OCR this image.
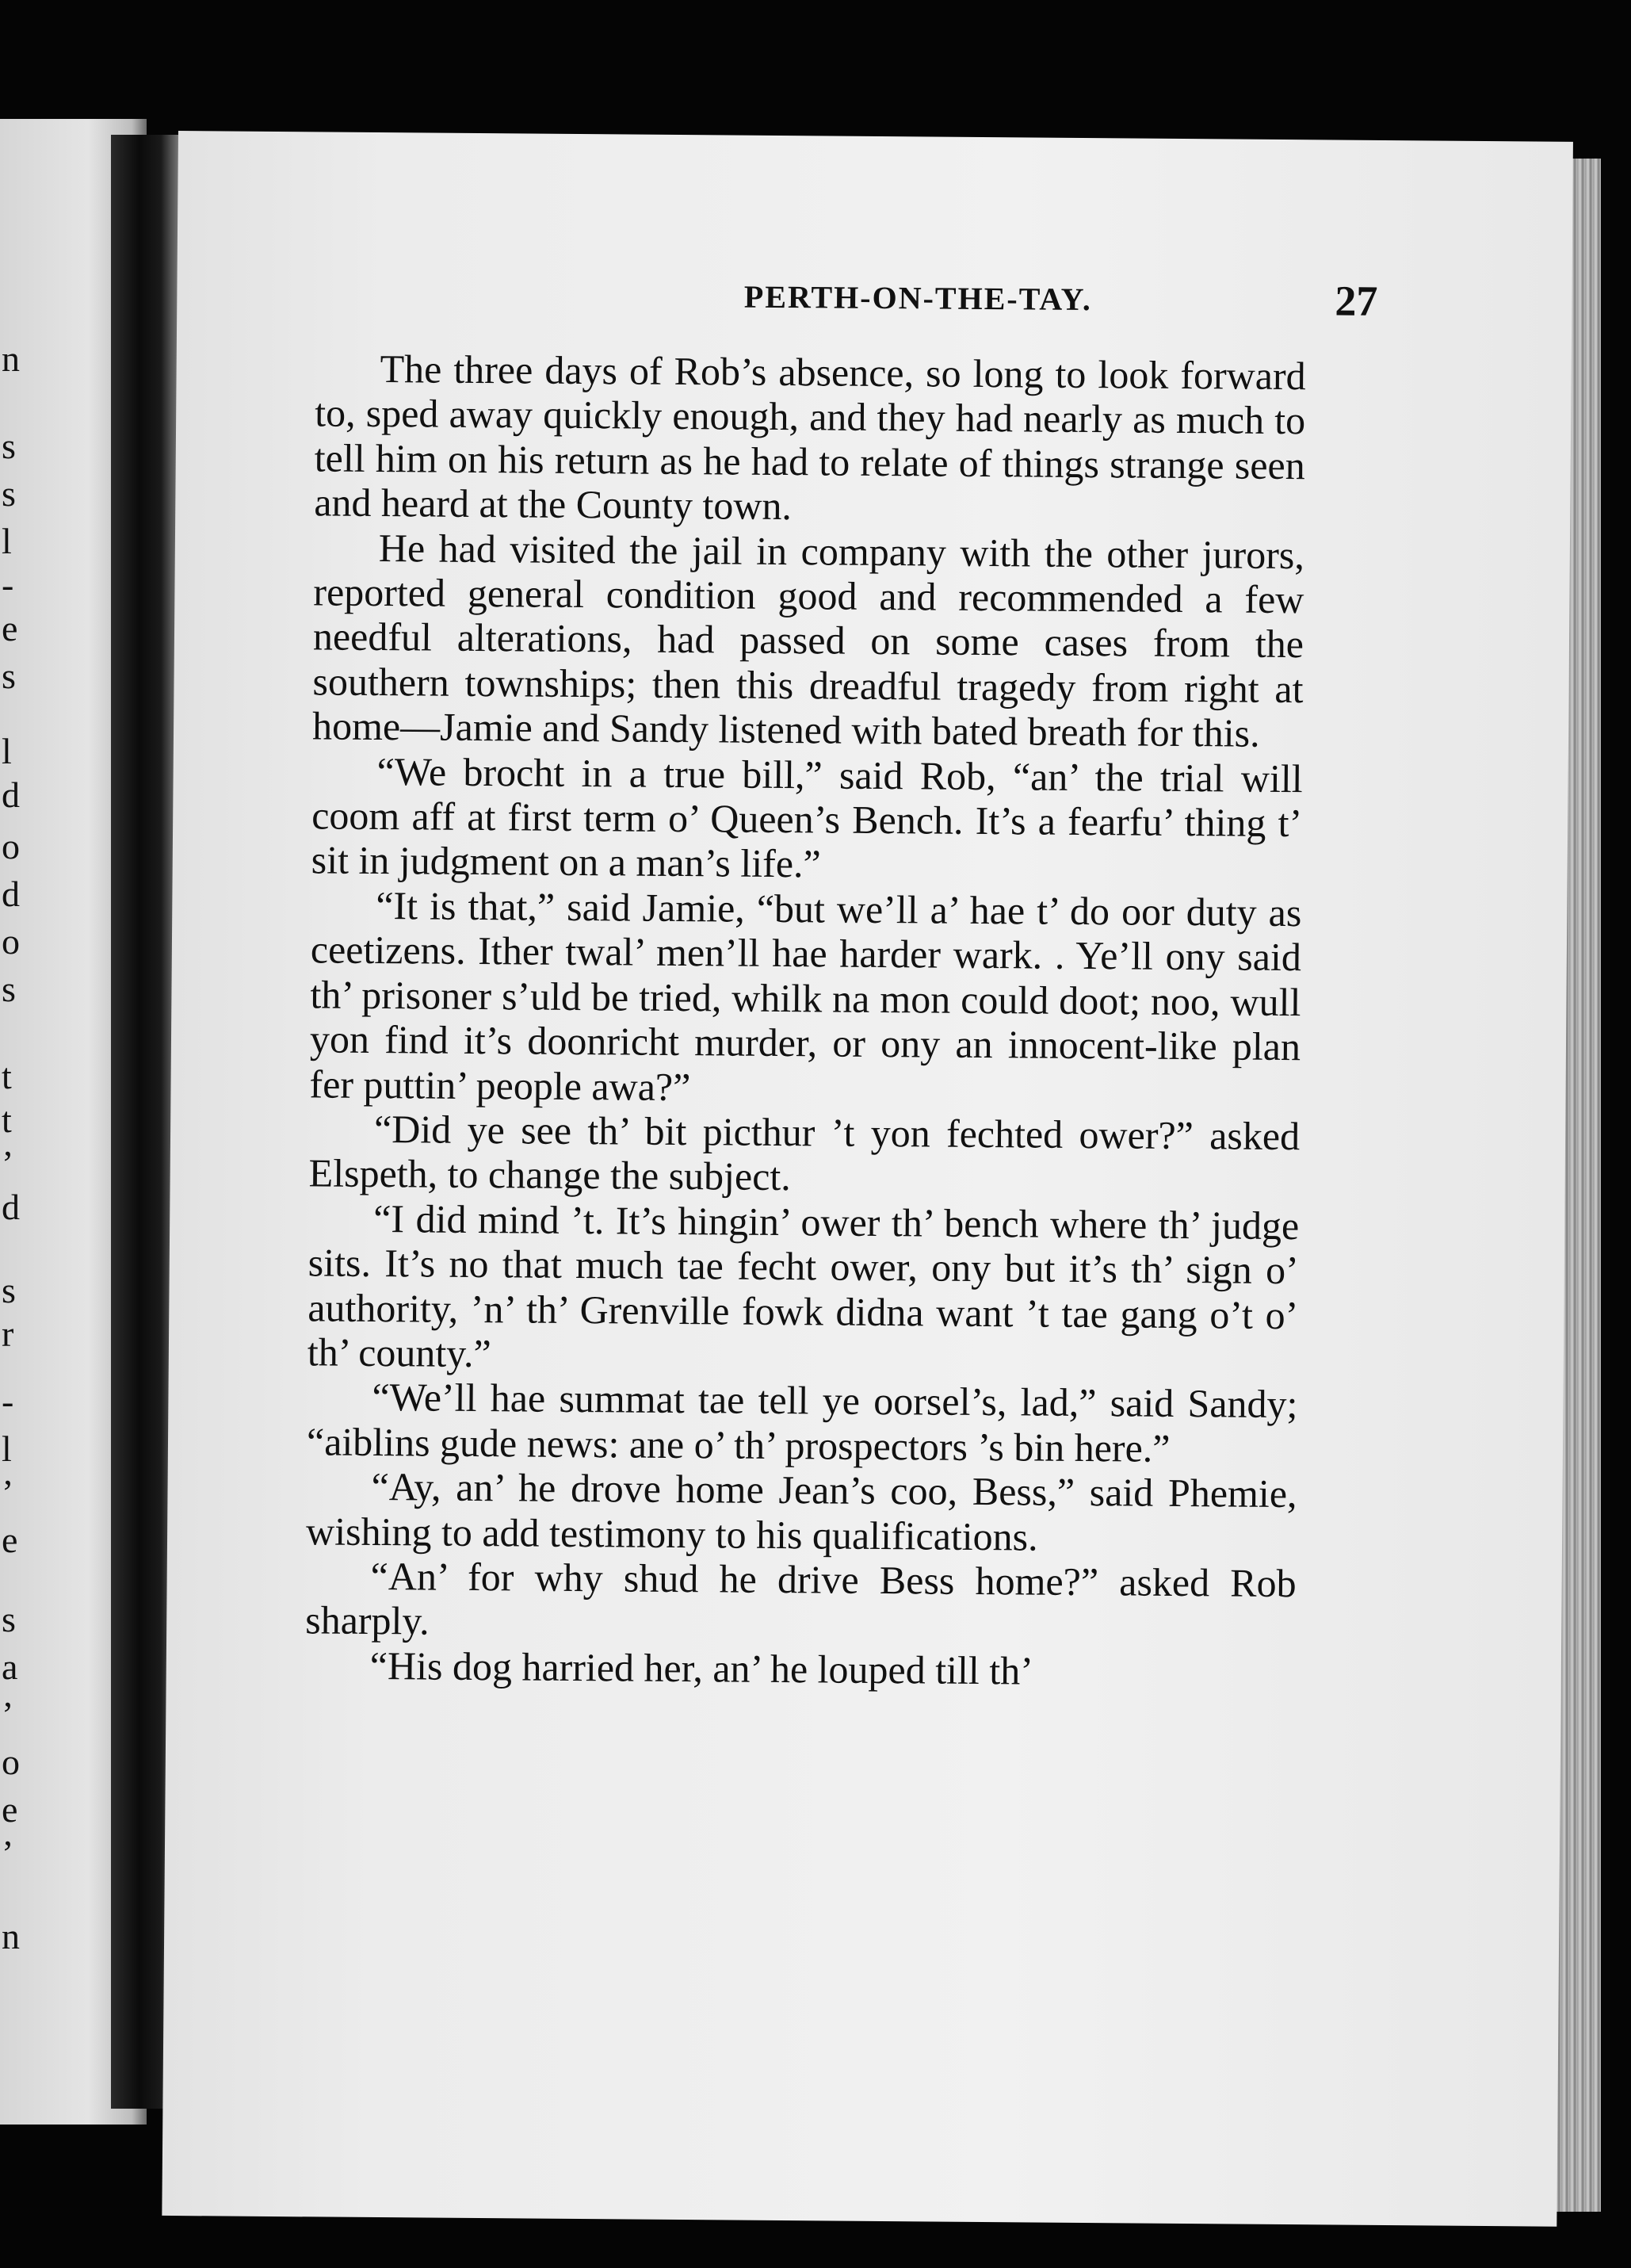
n
s
s
l
-
e
s
l
d
o
d
o
s
t
t
’
d
s
r
-
l
’
e
s
a
’
o
e
’
n
PERTH-ON-THE-TAY.	27

The three days of Rob’s absence, so long to look forward to, sped away quickly enough, and they had nearly as much to tell him on his return as he had to relate of things strange seen and heard at the County town.

He had visited the jail in company with the other jurors, reported general condition good and recommended a few needful alterations, had passed on some cases from the southern townships; then this dreadful tragedy from right at home—Jamie and Sandy listened with bated breath for this.

“We brocht in a true bill,” said Rob, “an’ the trial will coom aff at first term o’ Queen’s Bench. It’s a fearfu’ thing t’ sit in judgment on a man’s life.”

“It is that,” said Jamie, “but we’ll a’ hae t’ do oor duty as ceetizens. Ither twal’ men’ll hae harder wark. . Ye’ll ony said th’ prisoner s’uld be tried, whilk na mon could doot; noo, wull yon find it’s doonricht murder, or ony an innocent-like plan fer puttin’ people awa?”

“Did ye see th’ bit picthur ’t yon fechted ower?” asked Elspeth, to change the subject.

“I did mind ’t. It’s hingin’ ower th’ bench where th’ judge sits. It’s no that much tae fecht ower, ony but it’s th’ sign o’ authority, ’n’ th’ Grenville fowk didna want ’t tae gang o’t o’ th’ county.”

“We’ll hae summat tae tell ye oorsel’s, lad,” said Sandy; “aiblins gude news: ane o’ th’ prospectors ’s bin here.”

“Ay, an’ he drove home Jean’s coo, Bess,” said Phemie, wishing to add testimony to his qualifications.

“An’ for why shud he drive Bess home?” asked Rob sharply.

“His dog harried her, an’ he louped till th’
